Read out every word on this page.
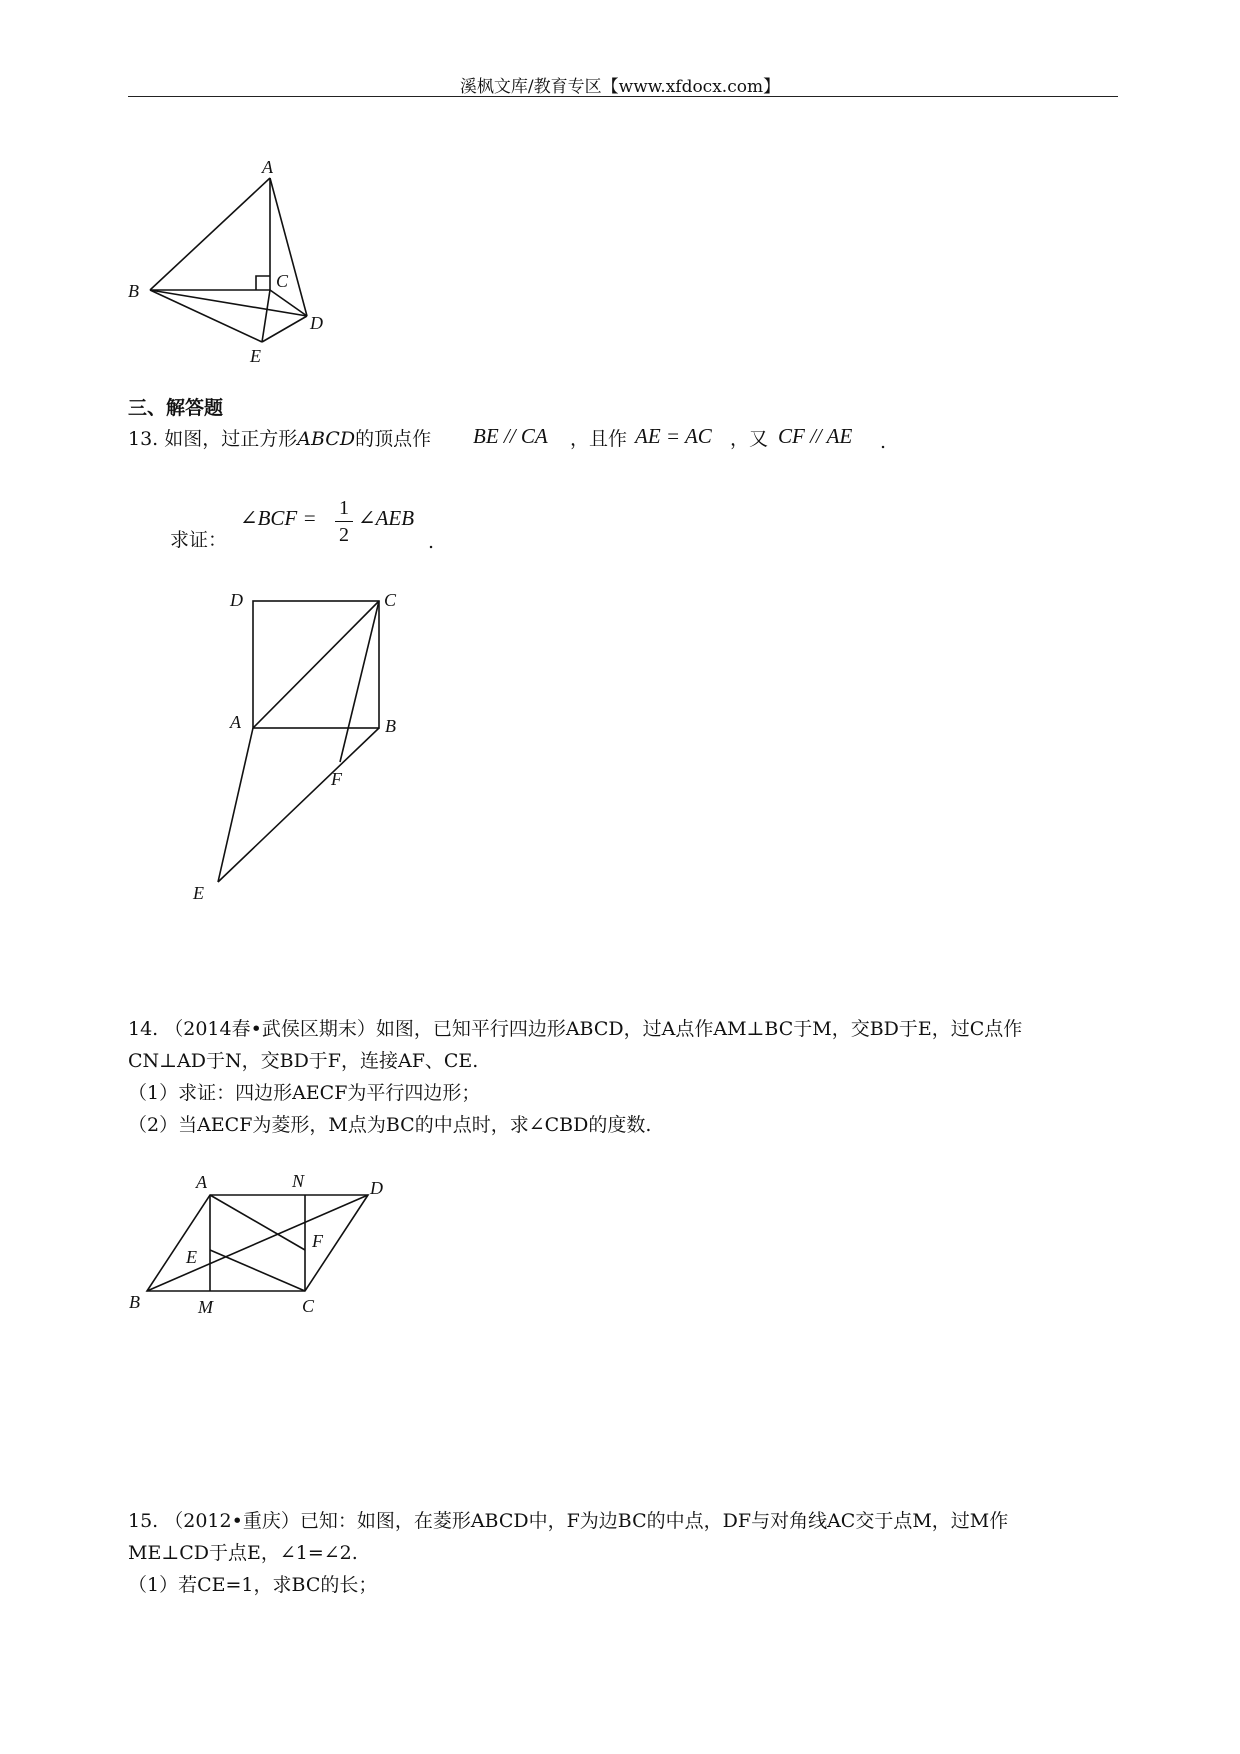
溪枫文库/教育专区【www.xfdocx.com】
A
B	C
D
E
三、解答题
13. 如图，过正方形ABCD的顶点作 BE // CA ，且作 AE = AC ，又 CF // AE .
求证：
∠BCF =	1
2
∠AEB
.
D	C
A	B
F
E
14. （2014春•武侯区期末）如图，已知平行四边形ABCD，过A点作AM⊥BC于M，交BD于E，过C点作
CN⊥AD于N，交BD于F，连接AF、CE.
（1）求证：四边形AECF为平行四边形；
（2）当AECF为菱形，M点为BC的中点时，求∠CBD的度数.
A	N	D
E
F
B	M	C
15. （2012•重庆）已知：如图，在菱形ABCD中，F为边BC的中点，DF与对角线AC交于点M，过M作
ME⊥CD于点E，∠1=∠2.
（1）若CE=1，求BC的长；
